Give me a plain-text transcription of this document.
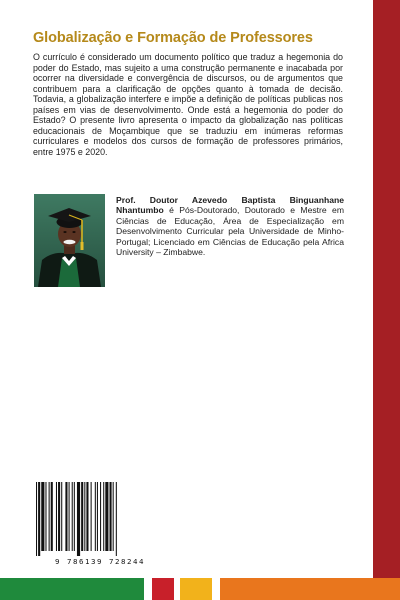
Globalização e Formação de Professores
O currículo é considerado um documento político que traduz a hegemonia do poder do Estado, mas sujeito a uma construção permanente e inacabada por ocorrer na diversidade e convergência de discursos, ou de argumentos que contribuem para a clarificação de opções quanto à tomada de decisão. Todavia, a globalização interfere e impõe a definição de políticas publicas nos países em vias de desenvolvimento. Onde está a hegemonia do poder do Estado? O presente livro apresenta o impacto da globalização nas políticas educacionais de Moçambique que se traduziu em inúmeras reformas curriculares e modelos dos cursos de formação de professores primários, entre 1975 e 2020.
Prof. Doutor Azevedo Baptista Binguanhane Nhantumbo é Pós-Doutorado, Doutorado e Mestre em Ciências de Educação, Área de Especialização em Desenvolvimento Curricular pela Universidade de Minho-Portugal; Licenciado em Ciências de Educação pela Africa University – Zimbabwe.
9 786139 728244
